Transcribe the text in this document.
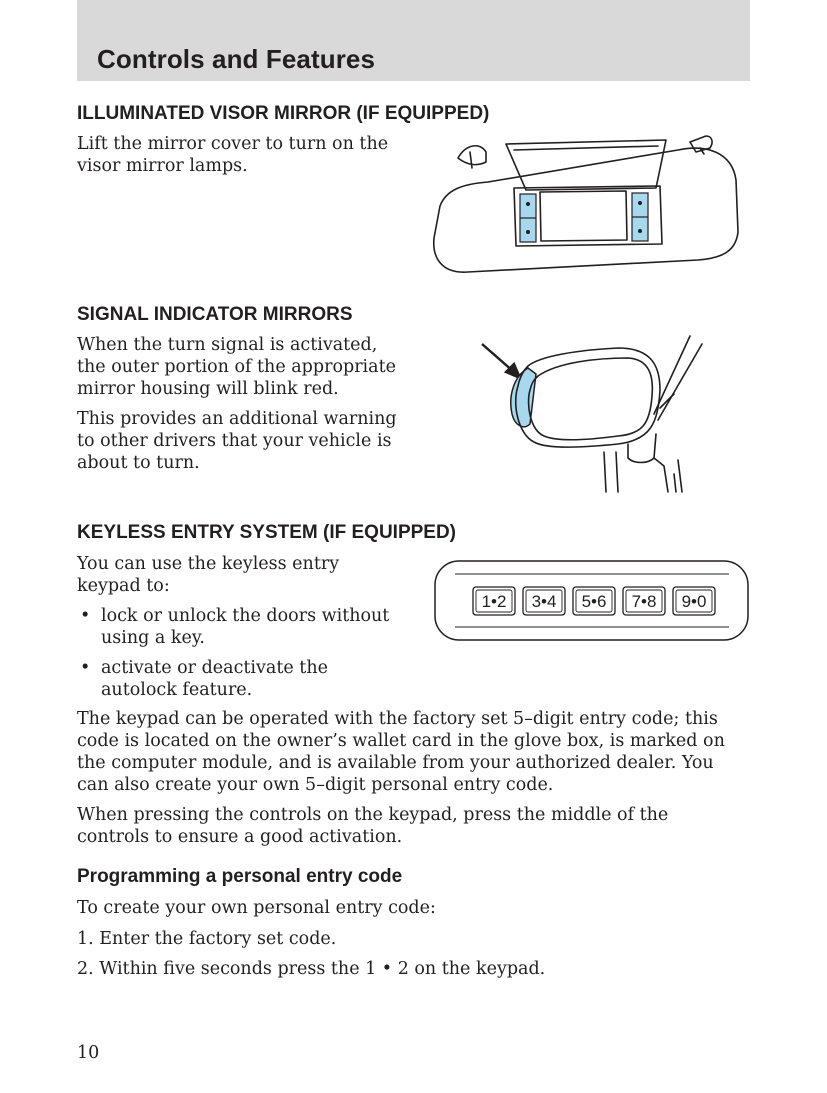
Controls and Features
ILLUMINATED VISOR MIRROR (IF EQUIPPED)
Lift the mirror cover to turn on the
visor mirror lamps.
SIGNAL INDICATOR MIRRORS
When the turn signal is activated,
the outer portion of the appropriate
mirror housing will blink red.
This provides an additional warning
to other drivers that your vehicle is
about to turn.
KEYLESS ENTRY SYSTEM (IF EQUIPPED)
You can use the keyless entry
keypad to:
• lock or unlock the doors without
using a key.
• activate or deactivate the
autolock feature.
1•2 3•4 5•6 7•8 9•0
The keypad can be operated with the factory set 5–digit entry code; this
code is located on the owner’s wallet card in the glove box, is marked on
the computer module, and is available from your authorized dealer. You
can also create your own 5–digit personal entry code.
When pressing the controls on the keypad, press the middle of the
controls to ensure a good activation.
Programming a personal entry code
To create your own personal entry code:
1. Enter the factory set code.
2. Within five seconds press the 1 • 2 on the keypad.
10
